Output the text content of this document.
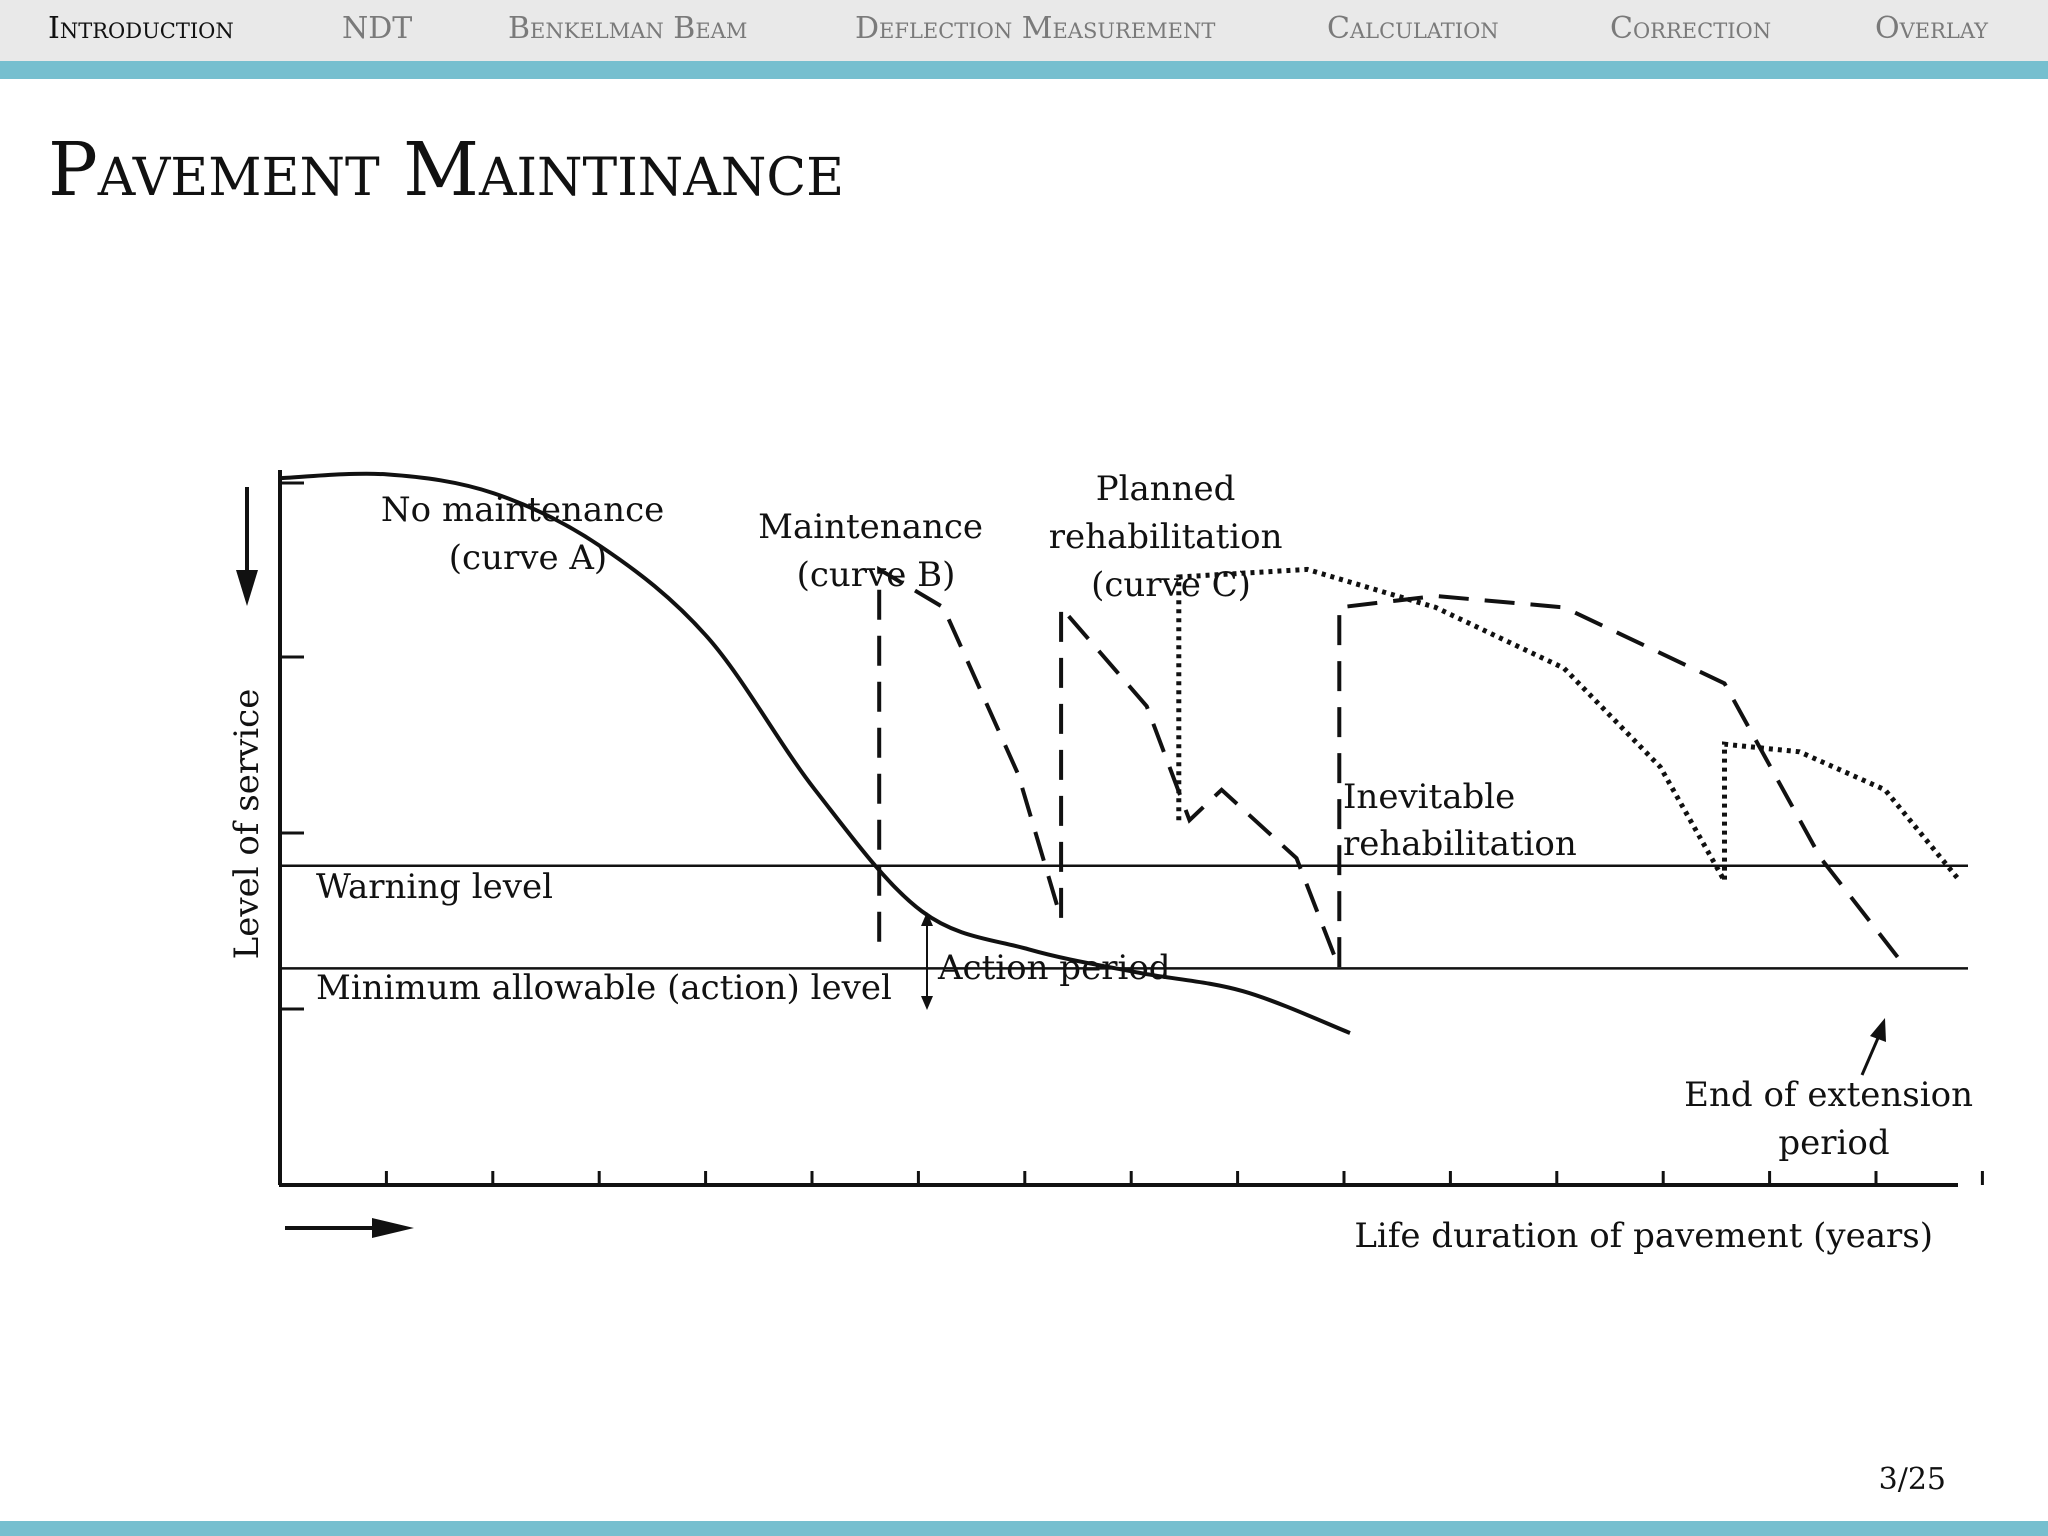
Introduction	NDT	Benkelman Beam	Deflection Measurement	Calculation	Correction	Overlay
Pavement Maintinance
Level of service
Life duration of pavement (years)
Warning level
Minimum allowable (action) level Action period
No maintenance (curve A)
Maintenance (curve B)
Planned rehabilitation (curve C)
Inevitable rehabilitation
End of extension period
3/25
